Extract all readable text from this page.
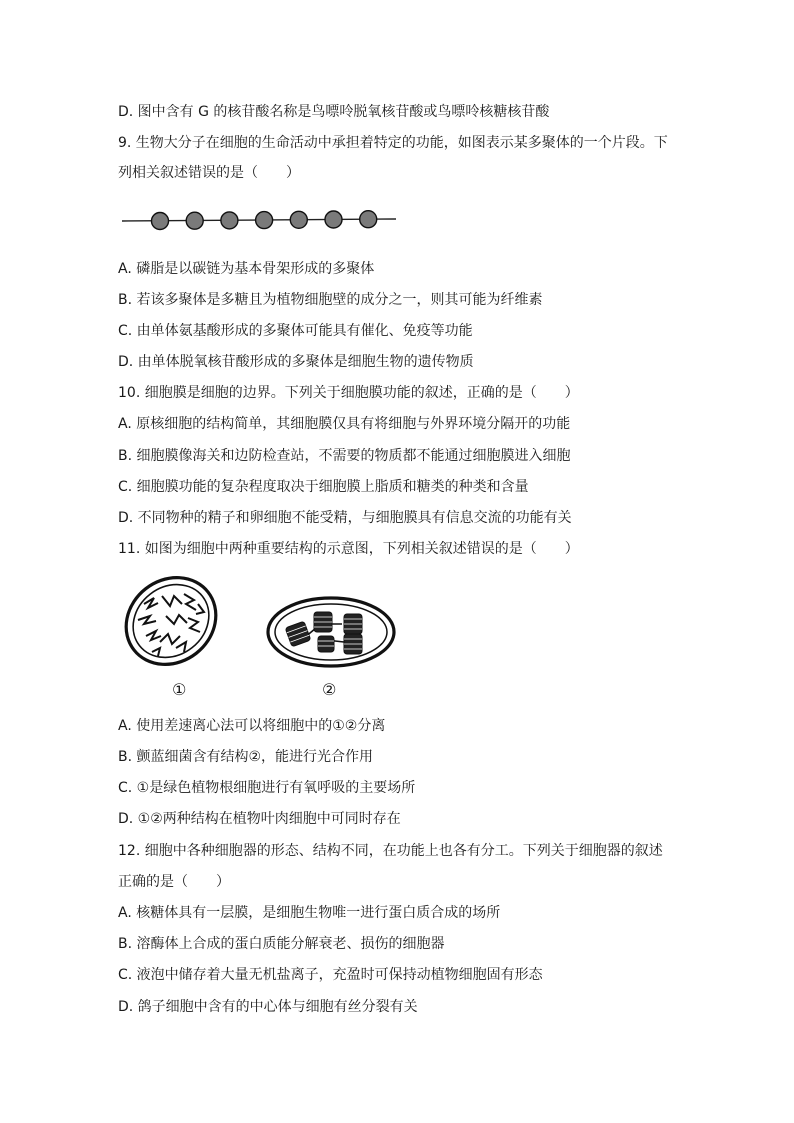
D. 图中含有 G 的核苷酸名称是鸟嘌呤脱氧核苷酸或鸟嘌呤核糖核苷酸
9. 生物大分子在细胞的生命活动中承担着特定的功能，如图表示某多聚体的一个片段。下
列相关叙述错误的是（　　）
A. 磷脂是以碳链为基本骨架形成的多聚体
B. 若该多聚体是多糖且为植物细胞壁的成分之一，则其可能为纤维素
C. 由单体氨基酸形成的多聚体可能具有催化、免疫等功能
D. 由单体脱氧核苷酸形成的多聚体是细胞生物的遗传物质
10. 细胞膜是细胞的边界。下列关于细胞膜功能的叙述，正确的是（　　）
A. 原核细胞的结构简单，其细胞膜仅具有将细胞与外界环境分隔开的功能
B. 细胞膜像海关和边防检查站，不需要的物质都不能通过细胞膜进入细胞
C. 细胞膜功能的复杂程度取决于细胞膜上脂质和糖类的种类和含量
D. 不同物种的精子和卵细胞不能受精，与细胞膜具有信息交流的功能有关
11. 如图为细胞中两种重要结构的示意图，下列相关叙述错误的是（　　）
①	②
A. 使用差速离心法可以将细胞中的①②分离
B. 颤蓝细菌含有结构②，能进行光合作用
C. ①是绿色植物根细胞进行有氧呼吸的主要场所
D. ①②两种结构在植物叶肉细胞中可同时存在
12. 细胞中各种细胞器的形态、结构不同，在功能上也各有分工。下列关于细胞器的叙述
正确的是（　　）
A. 核糖体具有一层膜，是细胞生物唯一进行蛋白质合成的场所
B. 溶酶体上合成的蛋白质能分解衰老、损伤的细胞器
C. 液泡中储存着大量无机盐离子，充盈时可保持动植物细胞固有形态
D. 鸽子细胞中含有的中心体与细胞有丝分裂有关
